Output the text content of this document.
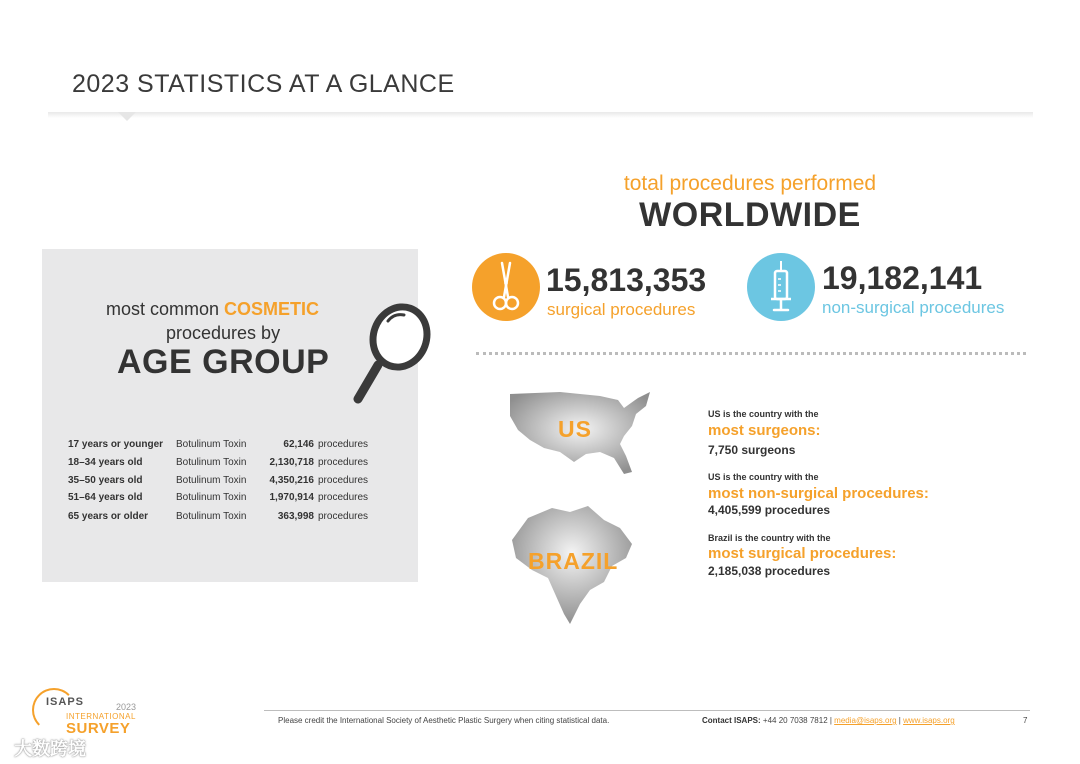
2023 STATISTICS AT A GLANCE
most common COSMETIC
procedures by
AGE GROUP
17 years or younger Botulinum Toxin	62,146 procedures
18–34 years old	Botulinum Toxin	2,130,718 procedures
35–50 years old	Botulinum Toxin	4,350,216 procedures
51–64 years old	Botulinum Toxin	1,970,914 procedures
65 years or older	Botulinum Toxin	363,998 procedures
total procedures performed
WORLDWIDE
15,813,353
surgical procedures
19,182,141
non-surgical procedures
US
BRAZIL
US is the country with the
most surgeons:
7,750 surgeons
US is the country with the
most non-surgical procedures:
4,405,599 procedures
Brazil is the country with the
most surgical procedures:
2,185,038 procedures
ISAPS	2023
INTERNATIONAL
SURVEY	Please credit the International Society of Aesthetic Plastic Surgery when citing statistical data.	Contact ISAPS: +44 20 7038 7812 | media@isaps.org | www.isaps.org	7
大数跨境
